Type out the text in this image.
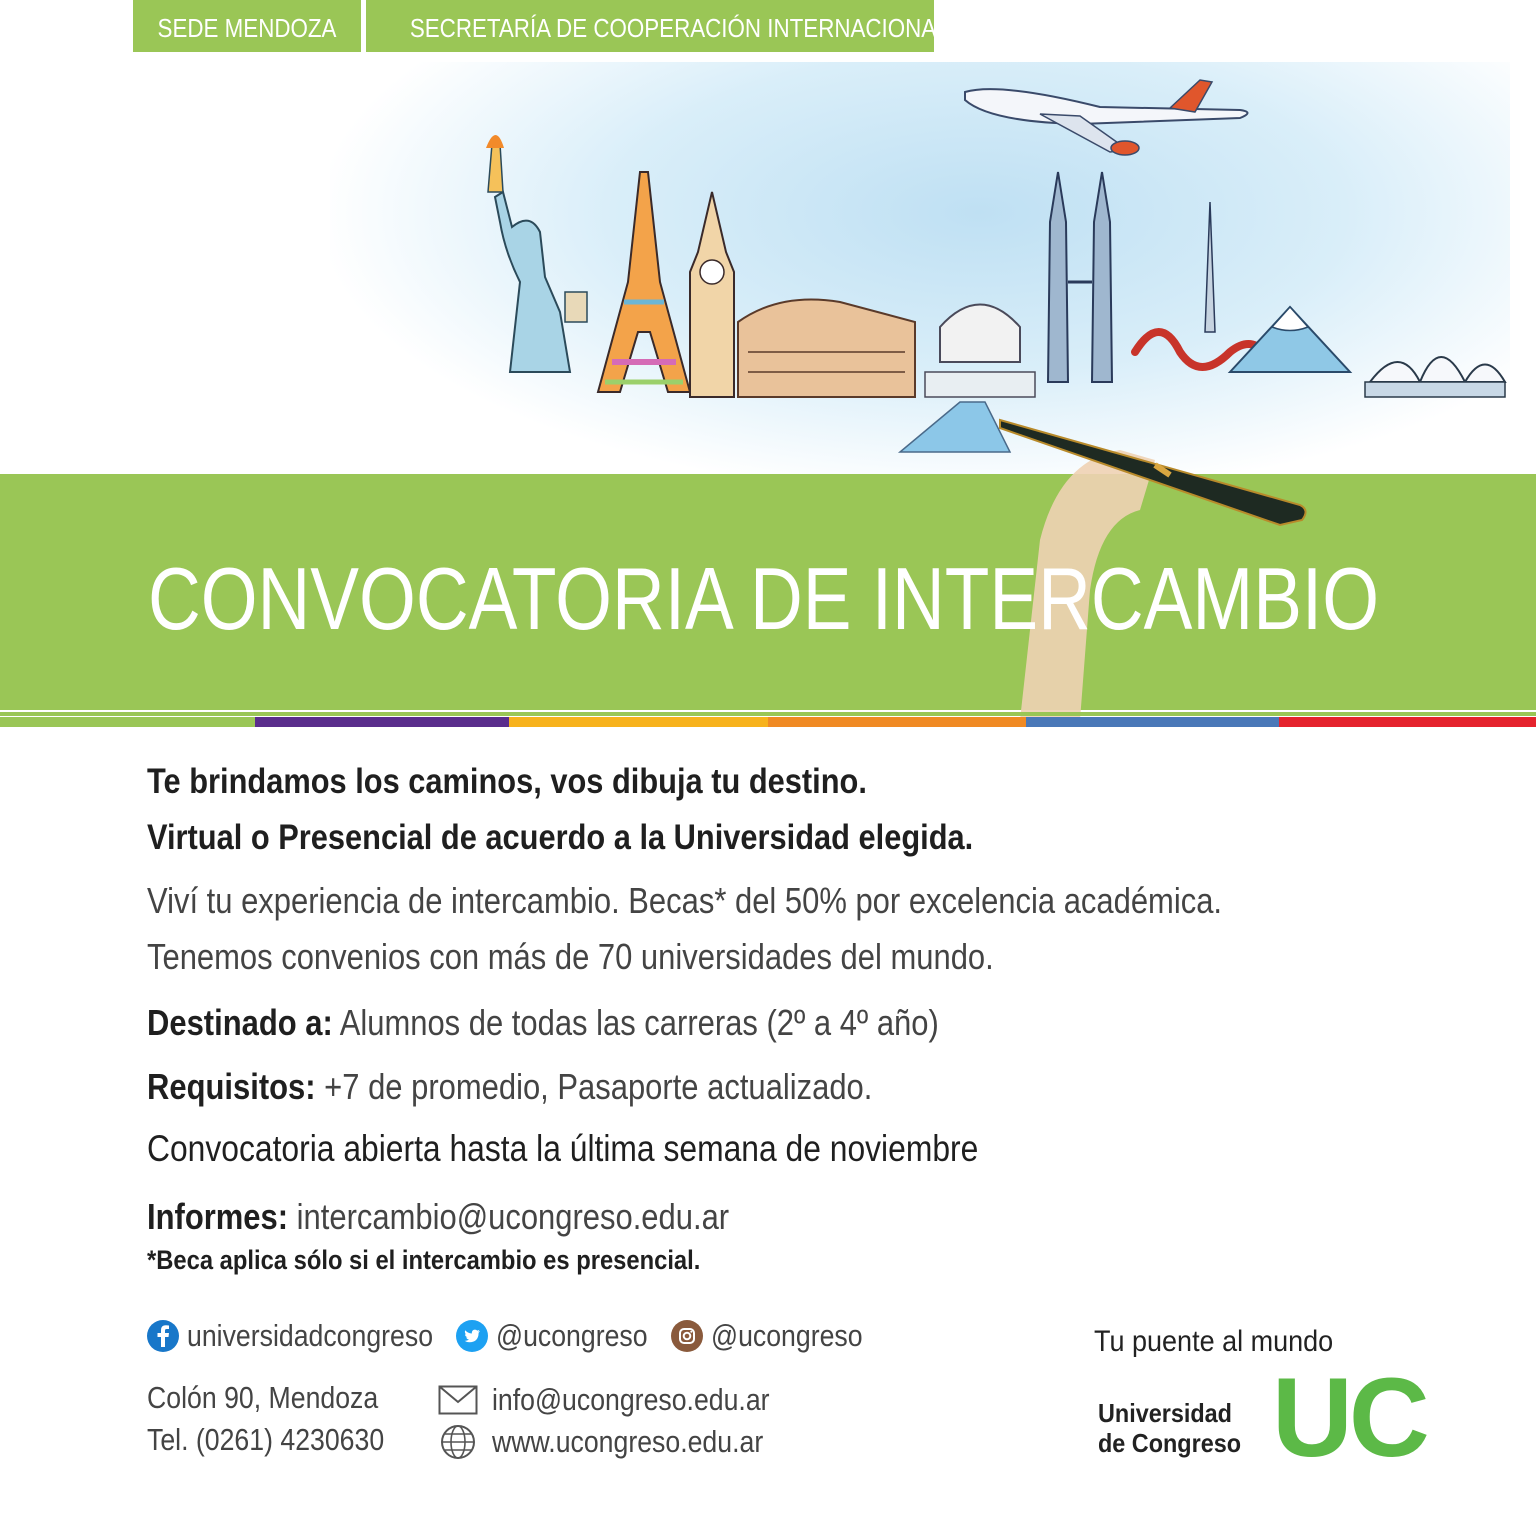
SEDE MENDOZA	SECRETARÍA DE COOPERACIÓN INTERNACIONAL
CONVOCATORIA DE INTERCAMBIO
Te brindamos los caminos, vos dibuja tu destino.
Virtual o Presencial de acuerdo a la Universidad elegida.
Viví tu experiencia de intercambio. Becas* del 50% por excelencia académica.
Tenemos convenios con más de 70 universidades del mundo.
Destinado a: Alumnos de todas las carreras (2º a 4º año)
Requisitos: +7 de promedio, Pasaporte actualizado.
Convocatoria abierta hasta la última semana de noviembre
Informes: intercambio@ucongreso.edu.ar
*Beca aplica sólo si el intercambio es presencial.
universidadcongreso @ucongreso @ucongreso
Colón 90, Mendoza
Tel. (0261) 4230630
info@ucongreso.edu.ar
www.ucongreso.edu.ar
Tu puente al mundo
Universidad
de Congreso UC
